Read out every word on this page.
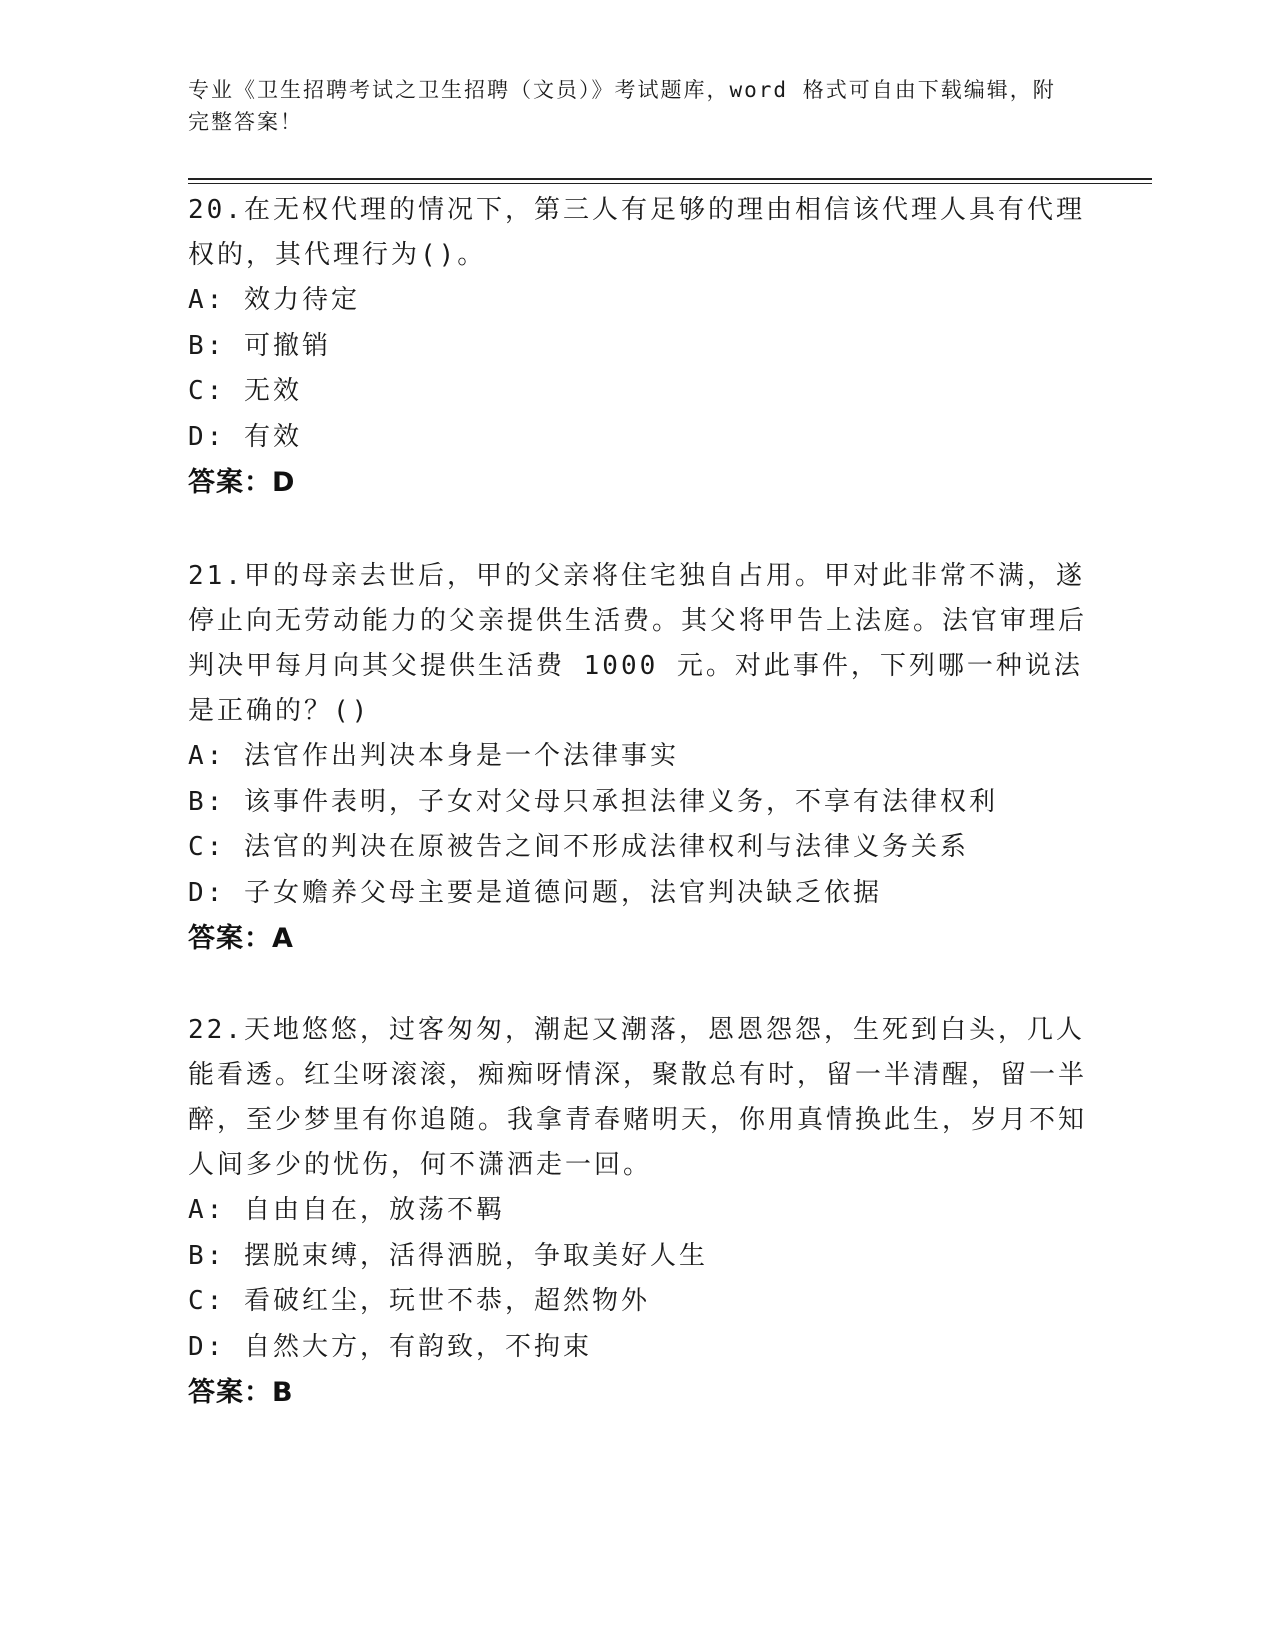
专业《卫生招聘考试之卫生招聘（文员）》考试题库，word 格式可自由下载编辑，附完整答案！

20.在无权代理的情况下，第三人有足够的理由相信该代理人具有代理权的，其代理行为()。

A: 效力待定

B: 可撤销

C: 无效

D: 有效

答案：D

21.甲的母亲去世后，甲的父亲将住宅独自占用。甲对此非常不满，遂停止向无劳动能力的父亲提供生活费。其父将甲告上法庭。法官审理后判决甲每月向其父提供生活费 1000 元。对此事件，下列哪一种说法是正确的？()

A: 法官作出判决本身是一个法律事实

B: 该事件表明，子女对父母只承担法律义务，不享有法律权利

C: 法官的判决在原被告之间不形成法律权利与法律义务关系

D: 子女赡养父母主要是道德问题，法官判决缺乏依据

答案：A

22.天地悠悠，过客匆匆，潮起又潮落，恩恩怨怨，生死到白头，几人能看透。红尘呀滚滚，痴痴呀情深，聚散总有时，留一半清醒，留一半醉，至少梦里有你追随。我拿青春赌明天，你用真情换此生，岁月不知人间多少的忧伤，何不潇洒走一回。

A: 自由自在，放荡不羁

B: 摆脱束缚，活得洒脱，争取美好人生

C: 看破红尘，玩世不恭，超然物外

D: 自然大方，有韵致，不拘束

答案：B
